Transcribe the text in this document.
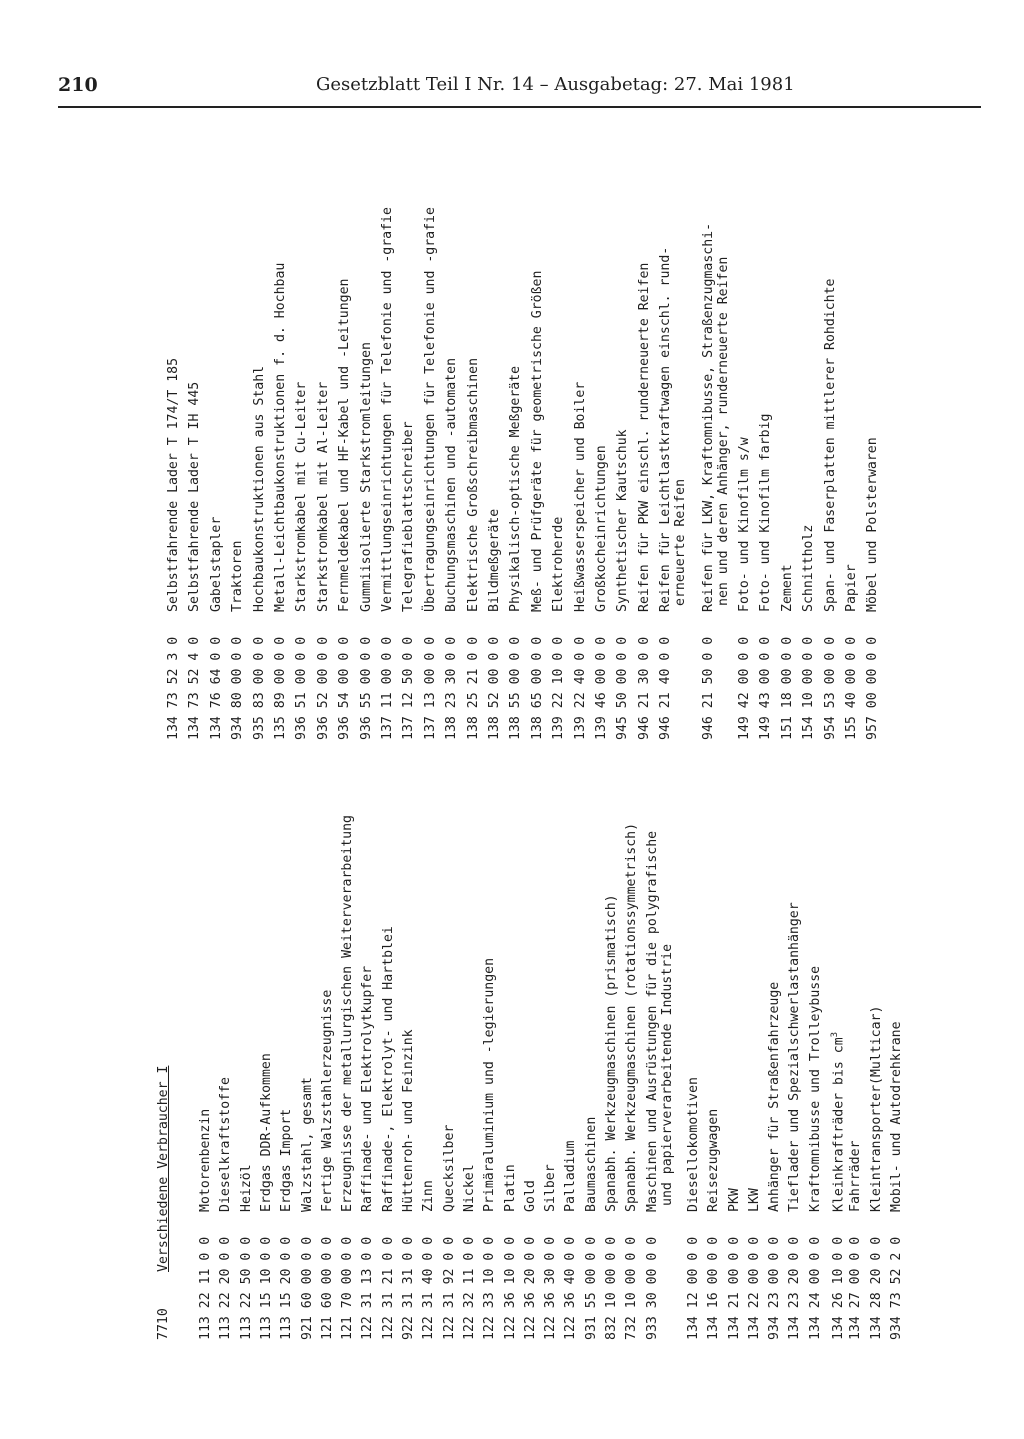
210	Gesetzblatt Teil I Nr. 14 – Ausgabetag: 27. Mai 1981
7710
Verschiedene Verbraucher I
113 22 11 0 0Motorenbenzin
113 22 20 0 0Dieselkraftstoffe
113 22 50 0 0Heizöl
113 15 10 0 0Erdgas DDR-Aufkommen
113 15 20 0 0Erdgas Import
921 60 00 0 0Walzstahl, gesamt
121 60 00 0 0Fertige Walzstahlerzeugnisse
121 70 00 0 0Erzeugnisse der metallurgischen Weiterverarbeitung
122 31 13 0 0Raffinade- und Elektrolytkupfer
122 31 21 0 0Raffinade-, Elektrolyt- und Hartblei
922 31 31 0 0Hüttenroh- und Feinzink
122 31 40 0 0Zinn
122 31 92 0 0Quecksilber
122 32 11 0 0Nickel
122 33 10 0 0Primäraluminium und -legierungen
122 36 10 0 0Platin
122 36 20 0 0Gold
122 36 30 0 0Silber
122 36 40 0 0Palladium
931 55 00 0 0Baumaschinen
832 10 00 0 0Spanabh. Werkzeugmaschinen (prismatisch)
732 10 00 0 0Spanabh. Werkzeugmaschinen (rotationssymmetrisch)
933 30 00 0 0Maschinen und Ausrüstungen für die polygrafische und papierverarbeitende Industrie
134 12 00 0 0Diesellokomotiven
134 16 00 0 0Reisezugwagen
134 21 00 0 0PKW
134 22 00 0 0LKW
934 23 00 0 0Anhänger für Straßenfahrzeuge
134 23 20 0 0Tieflader und Spezialschwerlastanhänger
134 24 00 0 0Kraftomnibusse und Trolleybusse
134 26 10 0 0Kleinkrafträder bis $cm^3$
134 27 00 0 0Fahrräder
134 28 20 0 0Kleintransporter(Multicar)
934 73 52 2 0Mobil- und Autodrehkrane
134 73 52 3 0Selbstfahrende Lader T 174/T 185
134 73 52 4 0Selbstfahrende Lader T IH 445
134 76 64 0 0Gabelstapler
934 80 00 0 0Traktoren
935 83 00 0 0Hochbaukonstruktionen aus Stahl
135 89 00 0 0Metall-Leichtbaukonstruktionen f. d. Hochbau
936 51 00 0 0Starkstromkabel mit Cu-Leiter
936 52 00 0 0Starkstromkabel mit Al-Leiter
936 54 00 0 0Fernmeldekabel und HF-Kabel und -Leitungen
936 55 00 0 0Gummiisolierte Starkstromleitungen
137 11 00 0 0Vermittlungseinrichtungen für Telefonie und -grafie
137 12 50 0 0Telegrafieblattschreiber
137 13 00 0 0Übertragungseinrichtungen für Telefonie und -grafie
138 23 30 0 0Buchungsmaschinen und -automaten
138 25 21 0 0Elektrische Großschreibmaschinen
138 52 00 0 0Bildmeßgeräte
138 55 00 0 0Physikalisch-optische Meßgeräte
138 65 00 0 0Meß- und Prüfgeräte für geometrische Größen
139 22 10 0 0Elektroherde
139 22 40 0 0Heißwasserspeicher und Boiler
139 46 00 0 0Großkocheinrichtungen
945 50 00 0 0Synthetischer Kautschuk
946 21 30 0 0Reifen für PKW einschl. runderneuerte Reifen
946 21 40 0 0Reifen für Leichtlastkraftwagen einschl. rund- erneuerte Reifen
946 21 50 0 0Reifen für LKW, Kraftomnibusse, Straßenzugmaschi- nen und deren Anhänger, runderneuerte Reifen
149 42 00 0 0Foto- und Kinofilm s/w
149 43 00 0 0Foto- und Kinofilm farbig
151 18 00 0 0Zement
154 10 00 0 0Schnittholz
954 53 00 0 0Span- und Faserplatten mittlerer Rohdichte
155 40 00 0 0Papier
957 00 00 0 0Möbel und Polsterwaren
